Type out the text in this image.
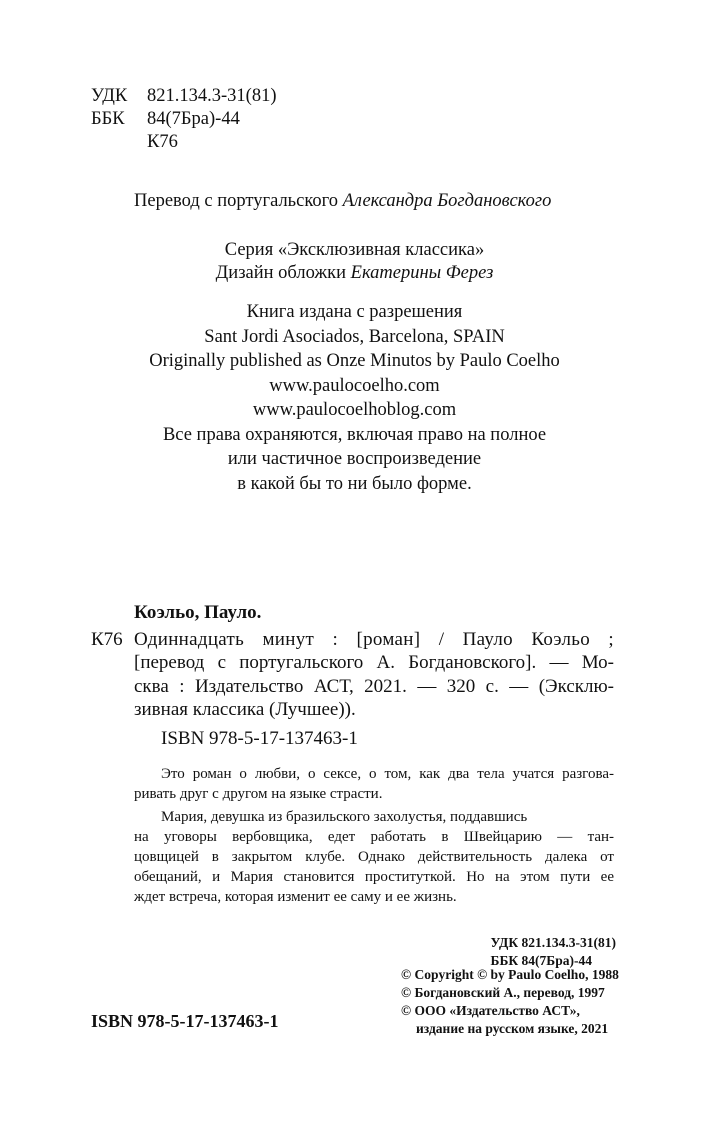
УДК 821.134.3-31(81)
ББК 84(7Бра)-44
К76
Перевод с португальского Александра Богдановского
Серия «Эксклюзивная классика»
Дизайн обложки Екатерины Ферез
Книга издана с разрешения
Sant Jordi Asociados, Barcelona, SPAIN
Originally published as Onze Minutos by Paulo Coelho
www.paulocoelho.com
www.paulocoelhoblog.com
Все права охраняются, включая право на полное
или частичное воспроизведение
в какой бы то ни было форме.
Коэльо, Пауло.
К76 Одиннадцать минут : [роман] / Пауло Коэльо ;
[перевод с португальского А. Богдановского]. — Мо-
сква : Издательство АСТ, 2021. — 320 с. — (Эксклю-
зивная классика (Лучшее)).
ISBN 978-5-17-137463-1
Это роман о любви, о сексе, о том, как два тела учатся разгова-
ривать друг с другом на языке страсти.
Мария, девушка из бразильского захолустья, поддавшись
на уговоры вербовщика, едет работать в Швейцарию — тан-
цовщицей в закрытом клубе. Однако действительность далека от
обещаний, и Мария становится проституткой. Но на этом пути ее
ждет встреча, которая изменит ее саму и ее жизнь.
УДК 821.134.3-31(81)
ББК 84(7Бра)-44
© Copyright © by Paulo Coelho, 1988
© Богдановский А., перевод, 1997
© ООО «Издательство АСТ»,
издание на русском языке, 2021
ISBN 978-5-17-137463-1
